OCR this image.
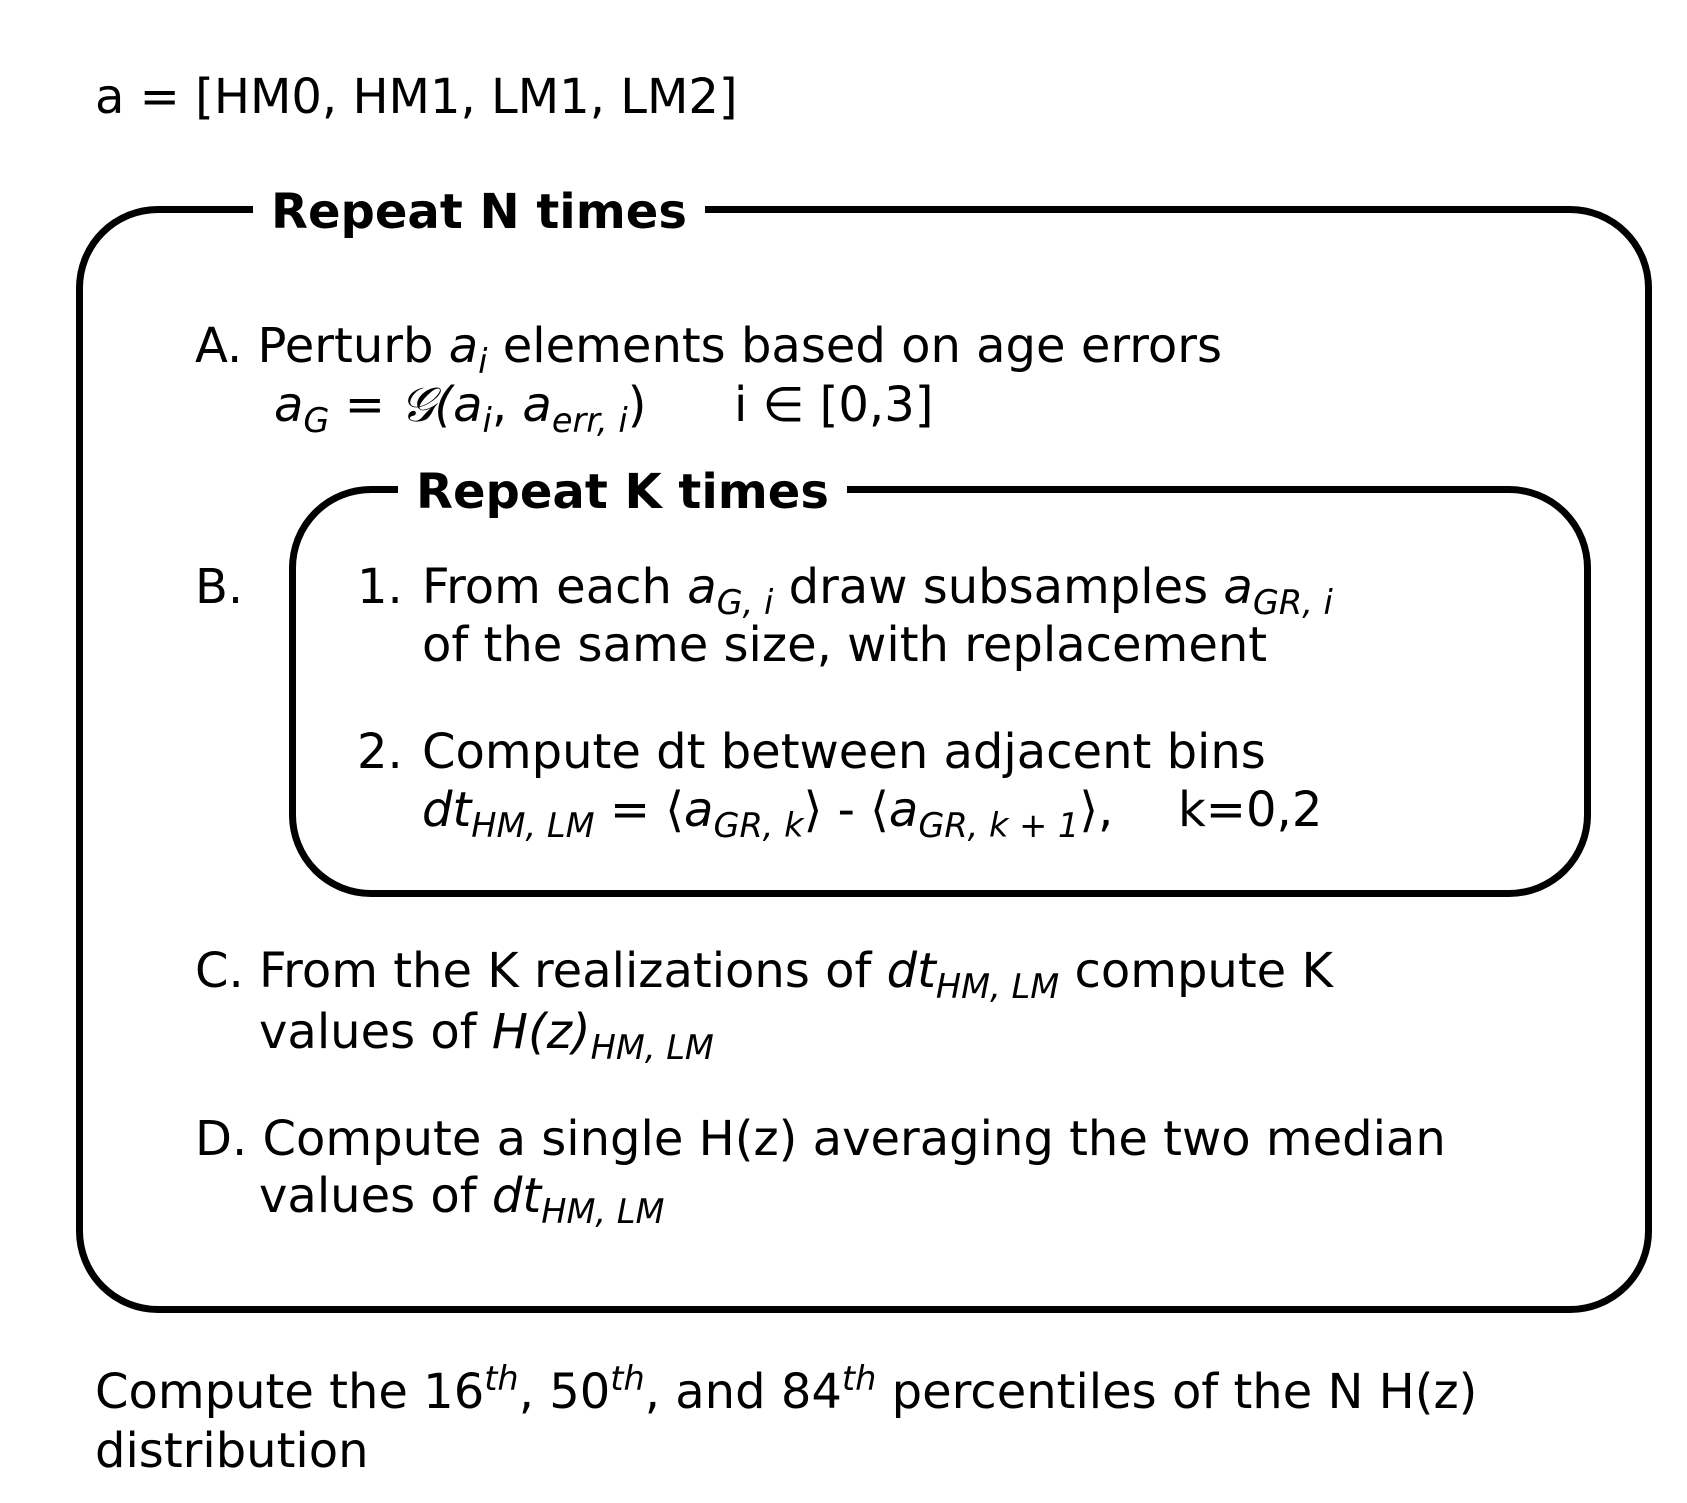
a = [HM0, HM1, LM1, LM2]
Repeat N times
A. Perturb $a_i$ elements based on age errors
$a_G$ = $𝒢(a_i$, $a_{err, i}$) i ∈ [0,3]
B.
Repeat K times
1. From each $a_{G, i}$ draw subsamples $a_{GR, i}$
of the same size, with replacement
2. Compute dt between adjacent bins
$dt_{HM, LM}$ = $⟨a_{GR, k}⟩$ - $⟨a_{GR, k + 1}⟩$, k=0,2
C. From the K realizations of $dt_{HM, LM}$ compute K
values of $H(z)_{HM, LM}$
D. Compute a single H(z) averaging the two median
values of $dt_{HM, LM}$
Compute the 16th, 50th, and 84th percentiles of the N H(z)
distribution
